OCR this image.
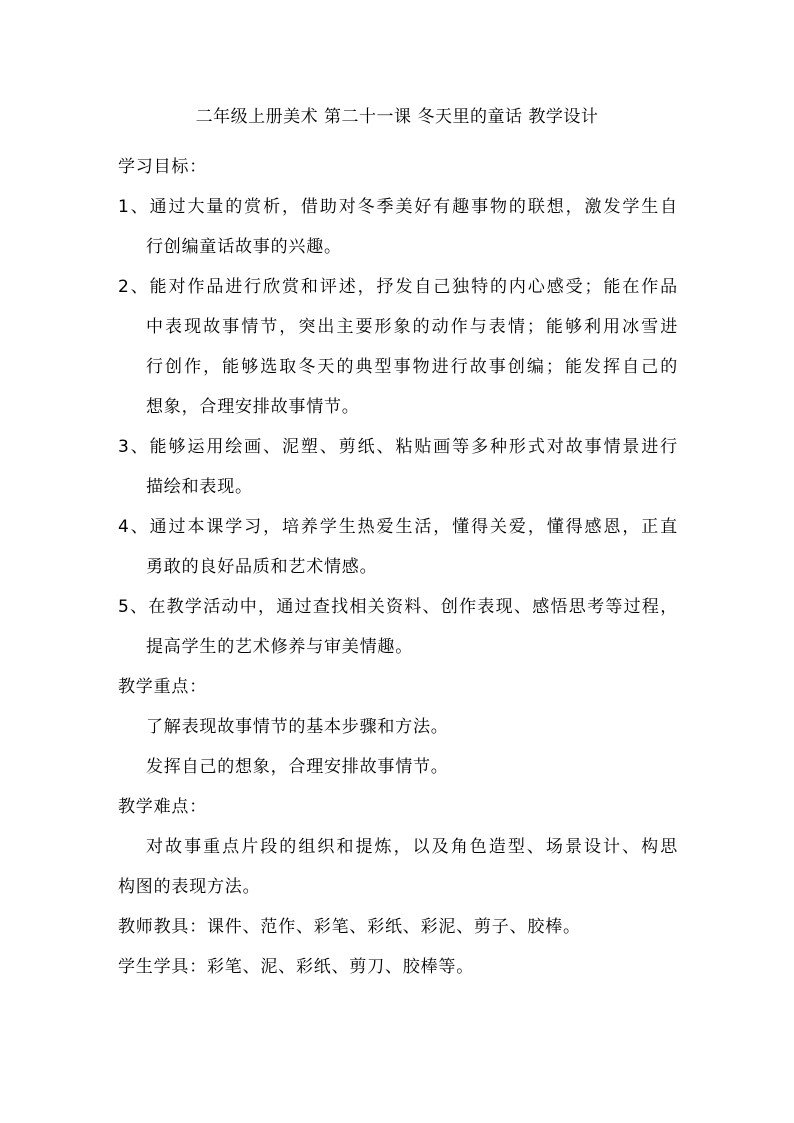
二年级上册美术 第二十一课 冬天里的童话 教学设计
学习目标：
1、通过大量的赏析，借助对冬季美好有趣事物的联想，激发学生自
行创编童话故事的兴趣。
2、能对作品进行欣赏和评述，抒发自己独特的内心感受；能在作品
中表现故事情节，突出主要形象的动作与表情；能够利用冰雪进
行创作，能够选取冬天的典型事物进行故事创编；能发挥自己的
想象，合理安排故事情节。
3、能够运用绘画、泥塑、剪纸、粘贴画等多种形式对故事情景进行
描绘和表现。
4、通过本课学习，培养学生热爱生活，懂得关爱，懂得感恩，正直
勇敢的良好品质和艺术情感。
5、在教学活动中，通过查找相关资料、创作表现、感悟思考等过程，
提高学生的艺术修养与审美情趣。
教学重点：
了解表现故事情节的基本步骤和方法。
发挥自己的想象，合理安排故事情节。
教学难点：
对故事重点片段的组织和提炼，以及角色造型、场景设计、构思
构图的表现方法。
教师教具：课件、范作、彩笔、彩纸、彩泥、剪子、胶棒。
学生学具：彩笔、泥、彩纸、剪刀、胶棒等。
